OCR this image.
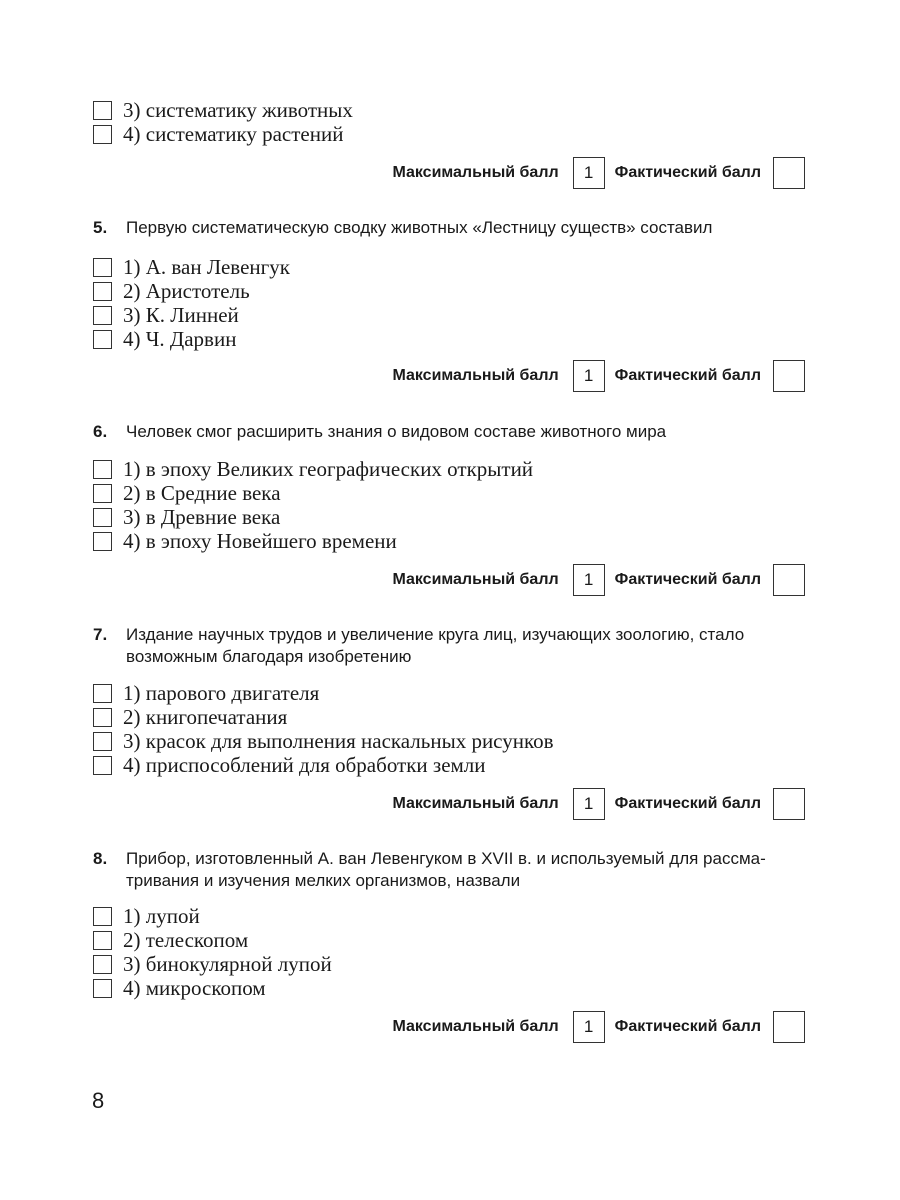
3) систематику животных
4) систематику растений
Максимальный балл	1	Фактический балл

5. Первую систематическую сводку животных «Лестницу существ» составил

1) А. ван Левенгук
2) Аристотель
3) К. Линней
4) Ч. Дарвин
Максимальный балл	1	Фактический балл

6. Человек смог расширить знания о видовом составе животного мира

1) в эпоху Великих географических открытий
2) в Средние века
3) в Древние века
4) в эпоху Новейшего времени
Максимальный балл	1	Фактический балл

7. Издание научных трудов и увеличение круга лиц, изучающих зоологию, стало

возможным благодаря изобретению

1) парового двигателя
2) книгопечатания
3) красок для выполнения наскальных рисунков
4) приспособлений для обработки земли
Максимальный балл	1	Фактический балл

8. Прибор, изготовленный А. ван Левенгуком в XVII в. и используемый для рассма-

тривания и изучения мелких организмов, назвали

1) лупой
2) телескопом
3) бинокулярной лупой
4) микроскопом
Максимальный балл	1	Фактический балл
8
